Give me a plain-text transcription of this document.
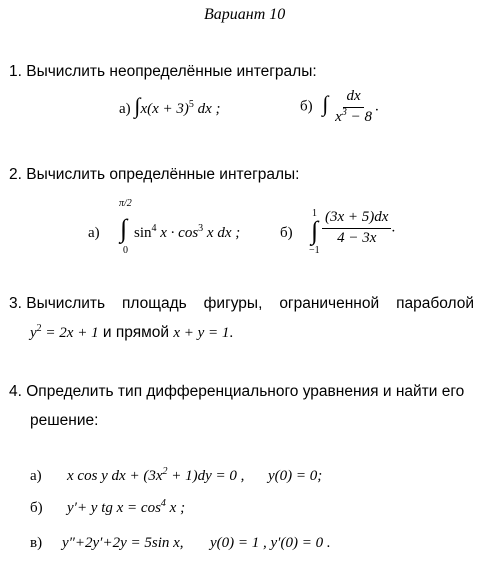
Вариант 10
1. Вычислить неопределённые интегралы:
а) $\int x(x + 3)^5$ dx ;	б) ∫ $\frac{dx}{x^3 - 8}$ .
2. Вычислить определённые интегралы:
а)
π/2
∫
0
$\sin^4 x \cdot \cos^3 x$ dx ;	б)
1
∫
−1
$\frac{(3x + 5)dx}{4 - 3x}$ .
3. Вычислить площадь фигуры, ограниченной параболой
$y^2 = 2x + 1$ и прямой x + y = 1.
4. Определить тип дифференциального уравнения и найти его
решение:
а) x cos y dx + $(3x^2 + 1)dy = 0$ , y(0) = 0;
б) y′+ y tg $x = \cos^4 x$ ;
в) y″+2y′+2y = 5sin x, y(0) = 1 , y′(0) = 0 .
